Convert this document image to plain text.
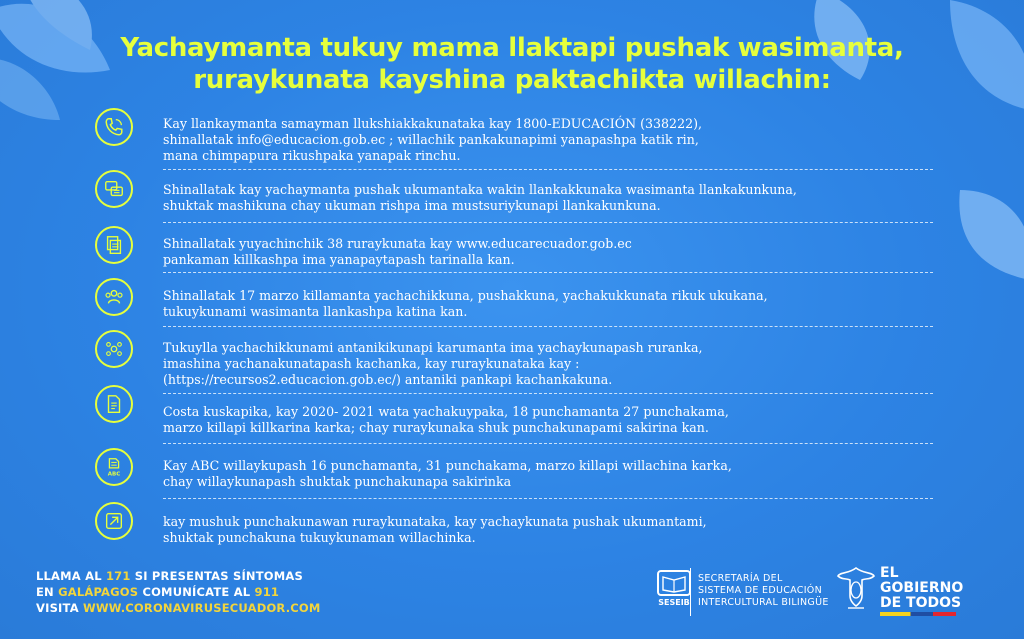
Yachaymanta tukuy mama llaktapi pushak wasimanta,
ruraykunata kayshina paktachikta willachin:
Kay llankaymanta samayman llukshiakkakunataka kay 1800-EDUCACIÓN (338222),
shinallatak info@educacion.gob.ec ; willachik pankakunapimi yanapashpa katik rin,
mana chimpapura rikushpaka yanapak rinchu.
Shinallatak kay yachaymanta pushak ukumantaka wakin llankakkunaka wasimanta llankakunkuna,
shuktak mashikuna chay ukuman rishpa ima mustsuriykunapi llankakunkuna.
Shinallatak yuyachinchik 38 ruraykunata kay www.educarecuador.gob.ec
pankaman killkashpa ima yanapaytapash tarinalla kan.
Shinallatak 17 marzo killamanta yachachikkuna, pushakkuna, yachakukkunata rikuk ukukana,
tukuykunami wasimanta llankashpa katina kan.
Tukuylla yachachikkunami antanikikunapi karumanta ima yachaykunapash ruranka,
imashina yachanakunatapash kachanka, kay ruraykunataka kay :
(https://recursos2.educacion.gob.ec/) antaniki pankapi kachankakuna.
Costa kuskapika, kay 2020- 2021 wata yachakuypaka, 18 punchamanta 27 punchakama,
marzo killapi killkarina karka; chay ruraykunaka shuk punchakunapami sakirina kan.
ABC
Kay ABC willaykupash 16 punchamanta, 31 punchakama, marzo killapi willachina karka,
chay willaykunapash shuktak punchakunapa sakirinka
kay mushuk punchakunawan ruraykunataka, kay yachaykunata pushak ukumantami,
shuktak punchakuna tukuykunaman willachinka.
LLAMA AL 171 SI PRESENTAS SÍNTOMAS
EN GALÁPAGOS COMUNÍCATE AL 911
VISITA WWW.CORONAVIRUSECUADOR.COM	SESEIB
SECRETARÍA DEL
SISTEMA DE EDUCACIÓN
INTERCULTURAL BILINGÜE
EL
GOBIERNO
DE TODOS
